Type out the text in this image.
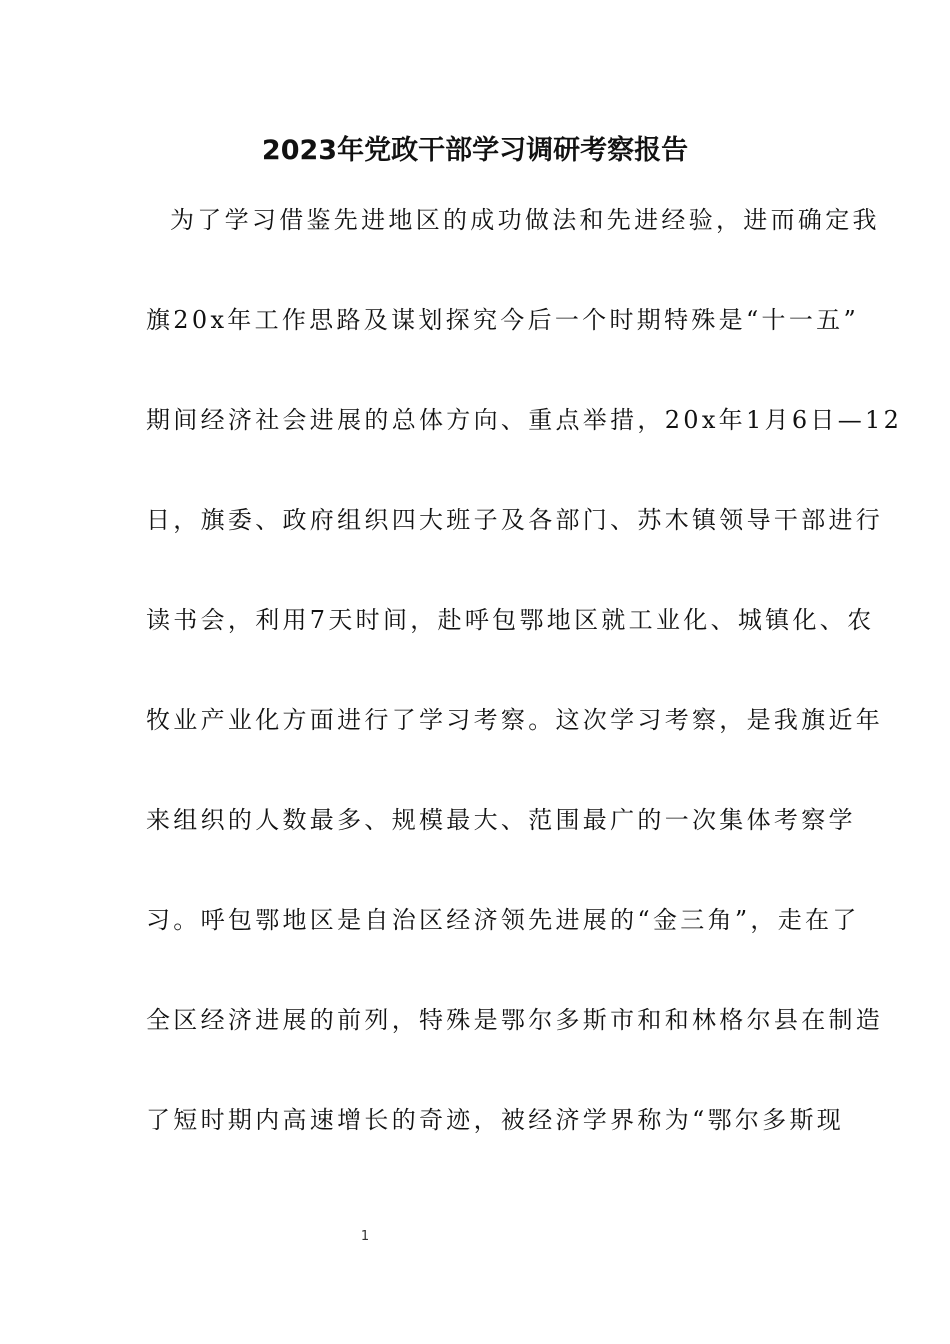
2023年党政干部学习调研考察报告
为了学习借鉴先进地区的成功做法和先进经验，进而确定我
旗20x年工作思路及谋划探究今后一个时期特殊是“十一五”
期间经济社会进展的总体方向、重点举措，20x年1月6日—12
日，旗委、政府组织四大班子及各部门、苏木镇领导干部进行
读书会，利用7天时间，赴呼包鄂地区就工业化、城镇化、农
牧业产业化方面进行了学习考察。这次学习考察，是我旗近年
来组织的人数最多、规模最大、范围最广的一次集体考察学
习。呼包鄂地区是自治区经济领先进展的“金三角”，走在了
全区经济进展的前列，特殊是鄂尔多斯市和和林格尔县在制造
了短时期内高速增长的奇迹，被经济学界称为“鄂尔多斯现
1
